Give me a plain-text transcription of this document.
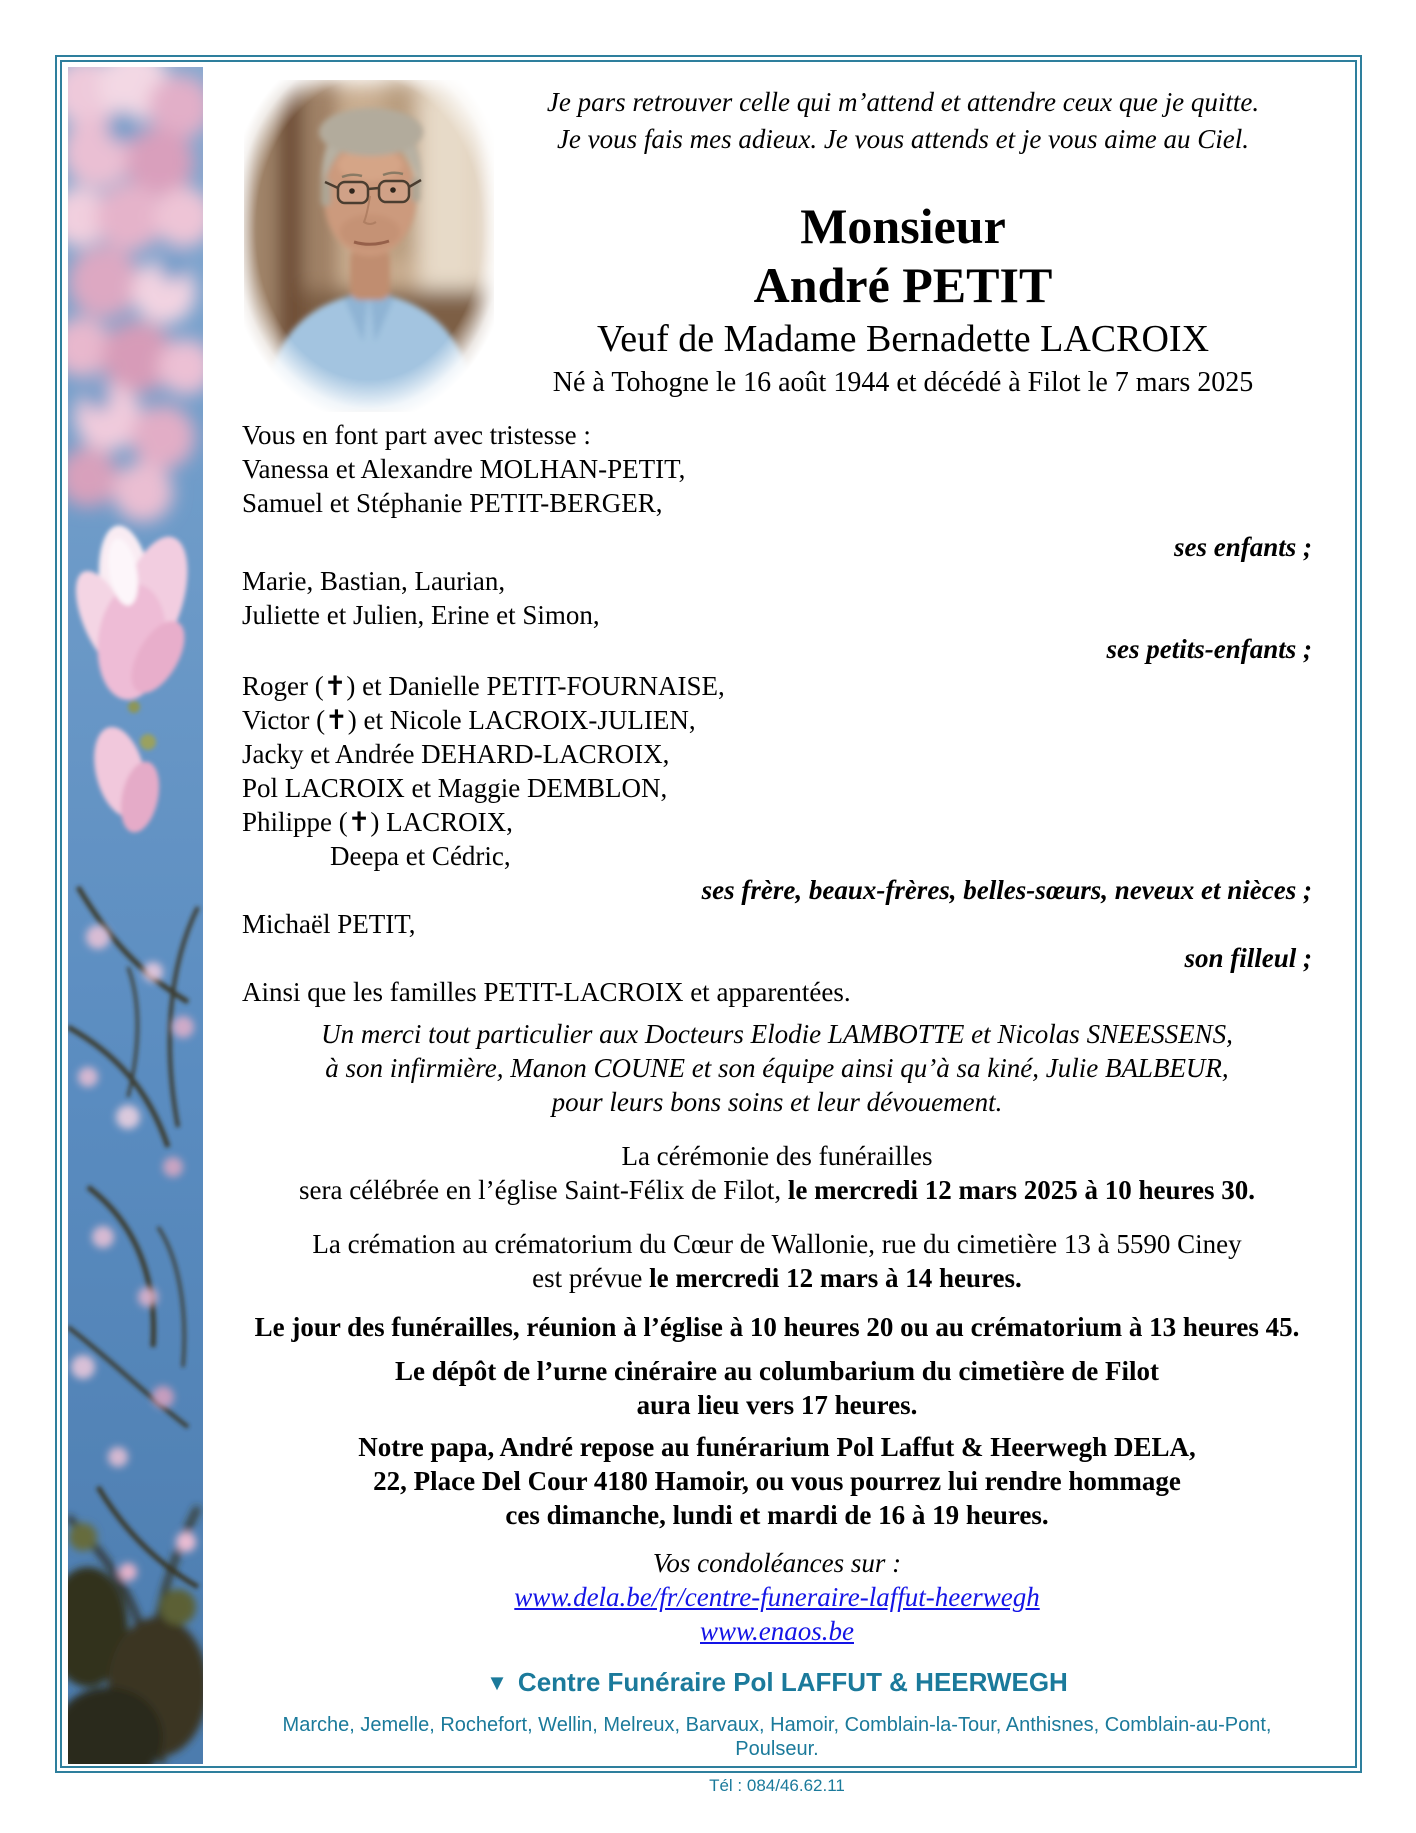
Je pars retrouver celle qui m’attend et attendre ceux que je quitte.
Je vous fais mes adieux. Je vous attends et je vous aime au Ciel.
Monsieur
André PETIT
Veuf de Madame Bernadette LACROIX
Né à Tohogne le 16 août 1944 et décédé à Filot le 7 mars 2025
Vous en font part avec tristesse :
Vanessa et Alexandre MOLHAN-PETIT,
Samuel et Stéphanie PETIT-BERGER,
ses enfants ;
Marie, Bastian, Laurian,
Juliette et Julien, Erine et Simon,
ses petits-enfants ;
Roger (✝) et Danielle PETIT-FOURNAISE,
Victor (✝) et Nicole LACROIX-JULIEN,
Jacky et Andrée DEHARD-LACROIX,
Pol LACROIX et Maggie DEMBLON,
Philippe (✝) LACROIX,
Deepa et Cédric,
ses frère, beaux-frères, belles-sœurs, neveux et nièces ;
Michaël PETIT,
son filleul ;
Ainsi que les familles PETIT-LACROIX et apparentées.
Un merci tout particulier aux Docteurs Elodie LAMBOTTE et Nicolas SNEESSENS,
à son infirmière, Manon COUNE et son équipe ainsi qu’à sa kiné, Julie BALBEUR,
pour leurs bons soins et leur dévouement.
La cérémonie des funérailles
sera célébrée en l’église Saint-Félix de Filot, le mercredi 12 mars 2025 à 10 heures 30.
La crémation au crématorium du Cœur de Wallonie, rue du cimetière 13 à 5590 Ciney
est prévue le mercredi 12 mars à 14 heures.
Le jour des funérailles, réunion à l’église à 10 heures 20 ou au crématorium à 13 heures 45.
Le dépôt de l’urne cinéraire au columbarium du cimetière de Filot
aura lieu vers 17 heures.
Notre papa, André repose au funérarium Pol Laffut & Heerwegh DELA,
22, Place Del Cour 4180 Hamoir, ou vous pourrez lui rendre hommage
ces dimanche, lundi et mardi de 16 à 19 heures.
Vos condoléances sur :
www.dela.be/fr/centre-funeraire-laffut-heerwegh
www.enaos.be
▼ Centre Funéraire Pol LAFFUT & HEERWEGH
Marche, Jemelle, Rochefort, Wellin, Melreux, Barvaux, Hamoir, Comblain-la-Tour, Anthisnes, Comblain-au-Pont, Poulseur.
Tél : 084/46.62.11
